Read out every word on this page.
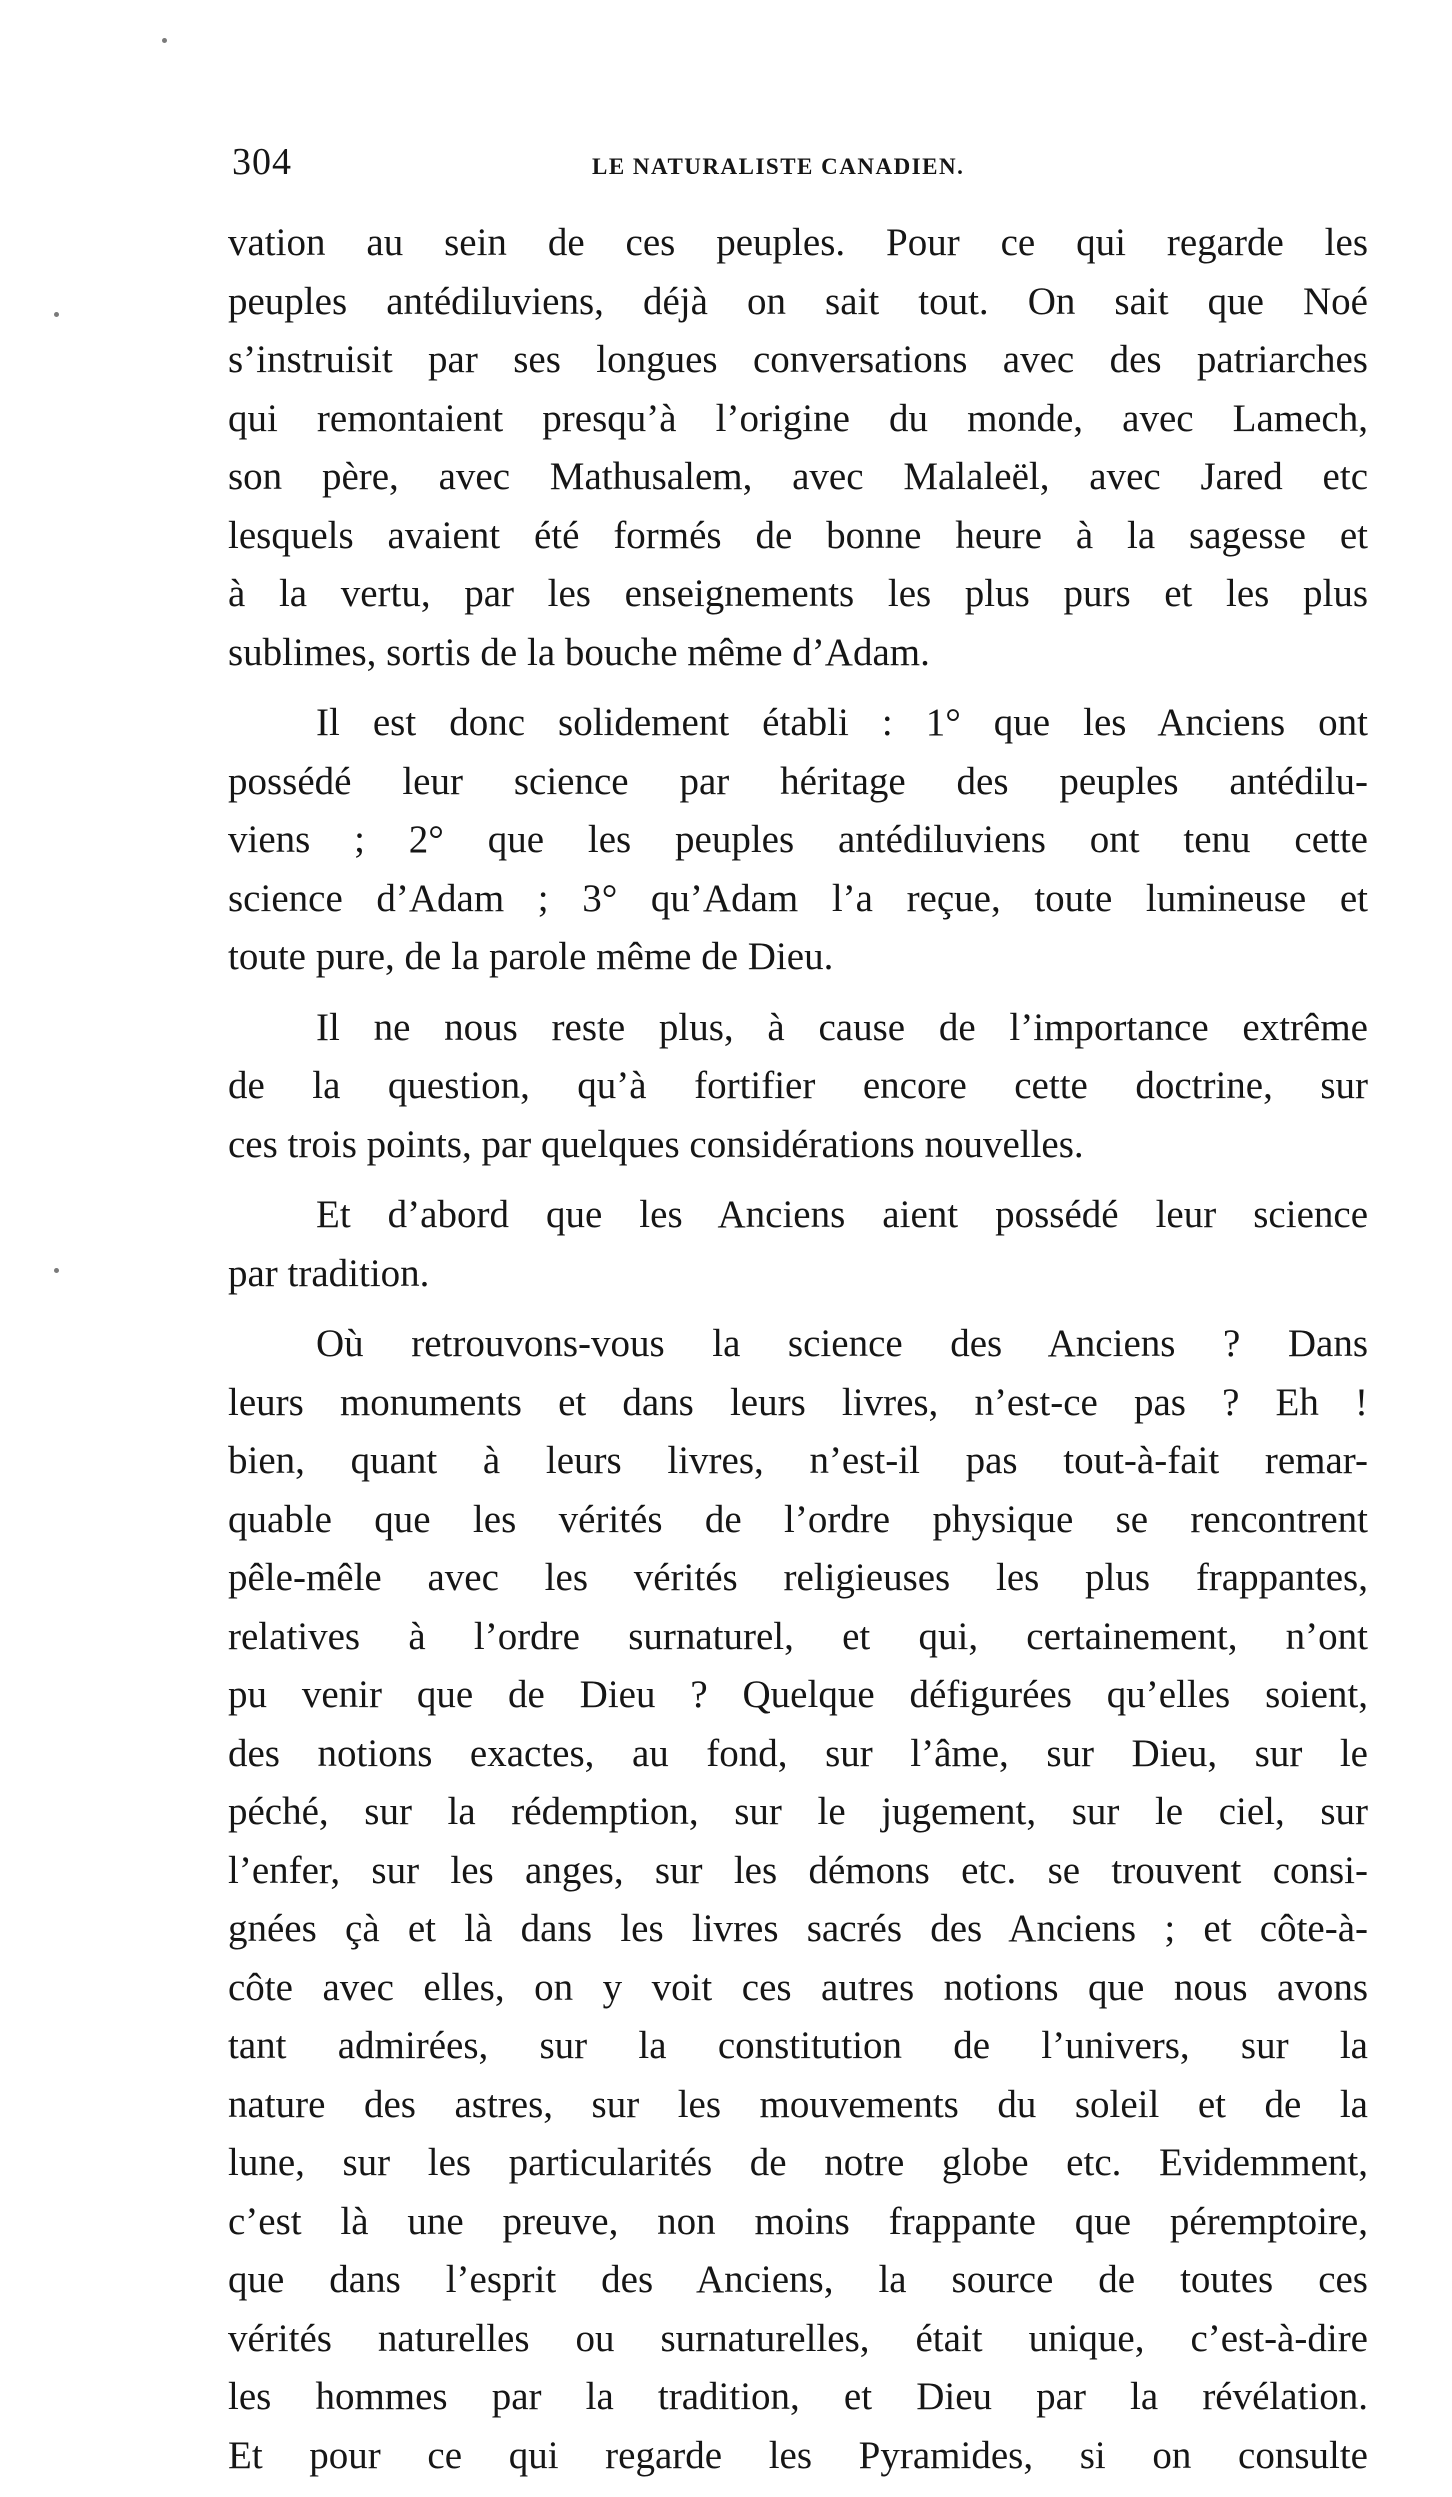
304	LE NATURALISTE CANADIEN.

vation au sein de ces peuples. Pour ce qui regarde les
peuples antédiluviens, déjà on sait tout. On sait que Noé
s’instruisit par ses longues conversations avec des patriarches
qui remontaient presqu’à l’origine du monde, avec Lamech,
son père, avec Mathusalem, avec Malaleël, avec Jared etc
lesquels avaient été formés de bonne heure à la sagesse et
à la vertu, par les enseignements les plus purs et les plus
sublimes, sortis de la bouche même d’Adam.

Il est donc solidement établi : 1° que les Anciens ont
possédé leur science par héritage des peuples antédilu-
viens ; 2° que les peuples antédiluviens ont tenu cette
science d’Adam ; 3° qu’Adam l’a reçue, toute lumineuse et
toute pure, de la parole même de Dieu.

Il ne nous reste plus, à cause de l’importance extrême
de la question, qu’à fortifier encore cette doctrine, sur
ces trois points, par quelques considérations nouvelles.

Et d’abord que les Anciens aient possédé leur science
par tradition.

Où retrouvons-vous la science des Anciens ? Dans
leurs monuments et dans leurs livres, n’est-ce pas ? Eh !
bien, quant à leurs livres, n’est-il pas tout-à-fait remar-
quable que les vérités de l’ordre physique se rencontrent
pêle-mêle avec les vérités religieuses les plus frappantes,
relatives à l’ordre surnaturel, et qui, certainement, n’ont
pu venir que de Dieu ? Quelque défigurées qu’elles soient,
des notions exactes, au fond, sur l’âme, sur Dieu, sur le
péché, sur la rédemption, sur le jugement, sur le ciel, sur
l’enfer, sur les anges, sur les démons etc. se trouvent consi-
gnées çà et là dans les livres sacrés des Anciens ; et côte-à-
côte avec elles, on y voit ces autres notions que nous avons
tant admirées, sur la constitution de l’univers, sur la
nature des astres, sur les mouvements du soleil et de la
lune, sur les particularités de notre globe etc. Evidemment,
c’est là une preuve, non moins frappante que péremptoire,
que dans l’esprit des Anciens, la source de toutes ces
vérités naturelles ou surnaturelles, était unique, c’est-à-dire
les hommes par la tradition, et Dieu par la révélation.
Et pour ce qui regarde les Pyramides, si on consulte
